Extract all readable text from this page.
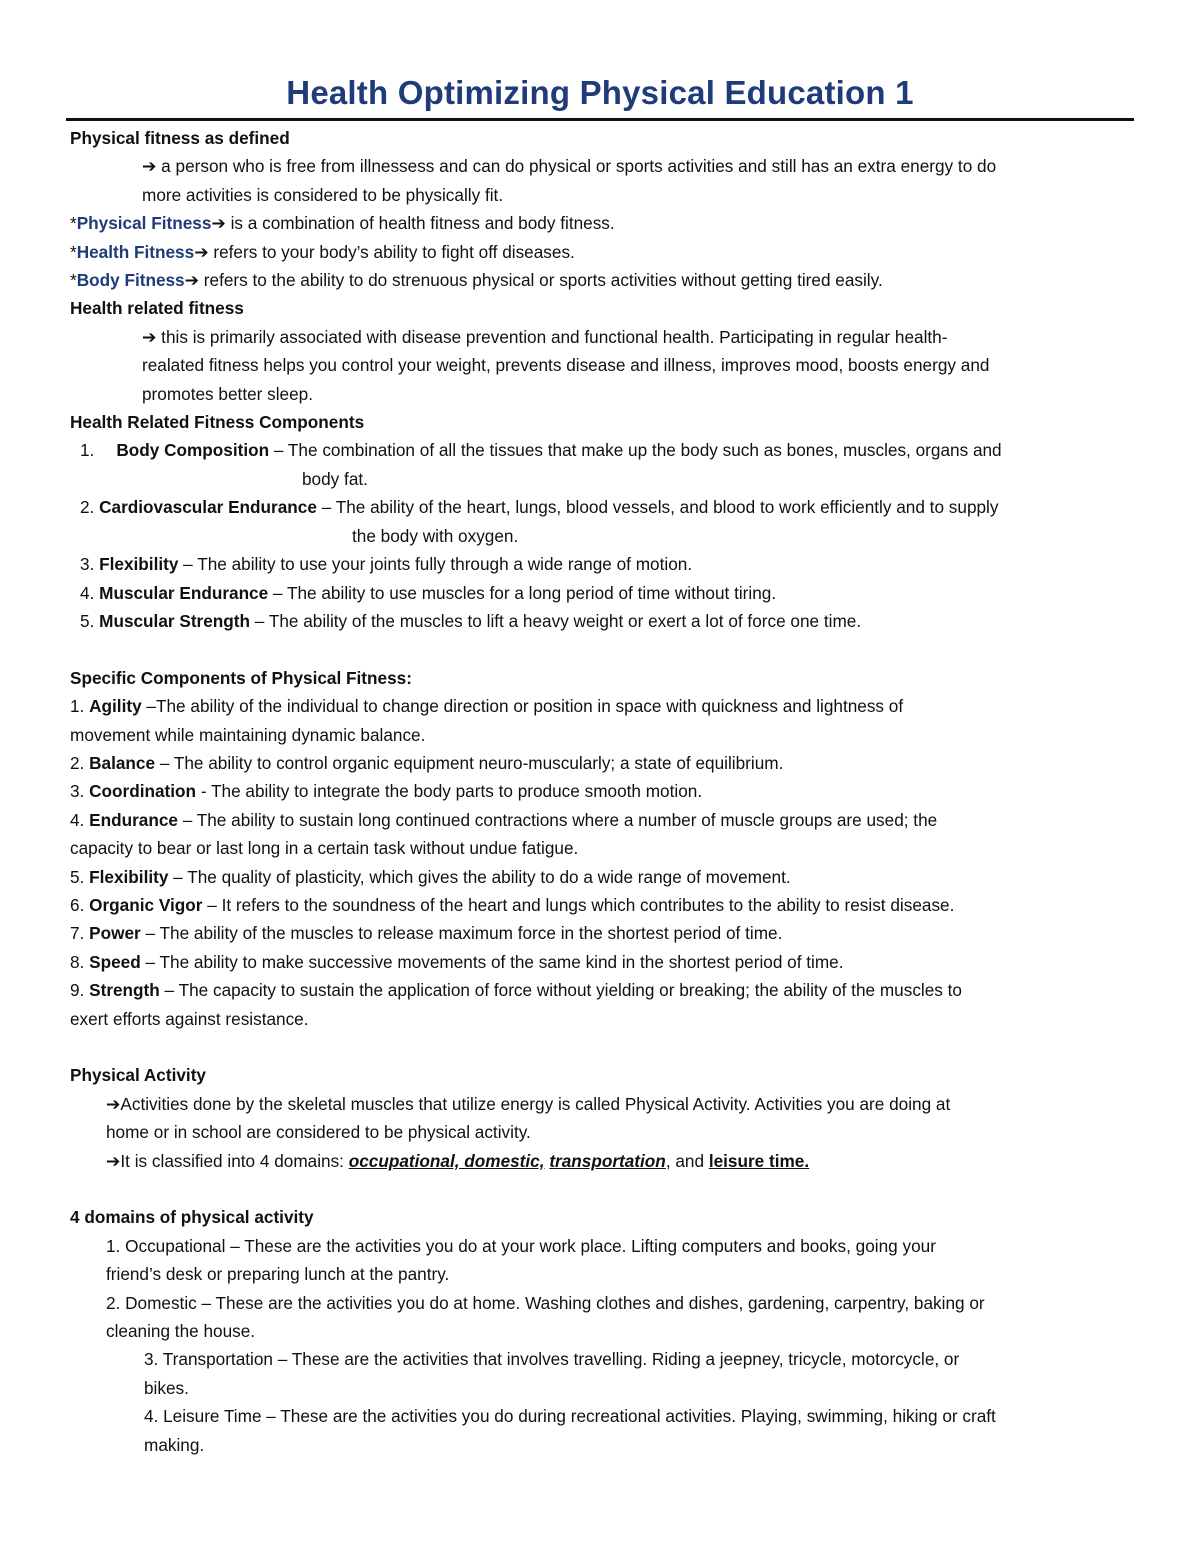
Health Optimizing Physical Education 1

Physical fitness as defined

➔ a person who is free from illnessess and can do physical or sports activities and still has an extra energy to do

more activities is considered to be physically fit.

*Physical Fitness➔ is a combination of health fitness and body fitness.

*Health Fitness➔ refers to your body’s ability to fight off diseases.

*Body Fitness➔ refers to the ability to do strenuous physical or sports activities without getting tired easily.

Health related fitness

➔ this is primarily associated with disease prevention and functional health. Participating in regular health-

realated fitness helps you control your weight, prevents disease and illness, improves mood, boosts energy and

promotes better sleep.

Health Related Fitness Components

1. Body Composition – The combination of all the tissues that make up the body such as bones, muscles, organs and

body fat.

2. Cardiovascular Endurance – The ability of the heart, lungs, blood vessels, and blood to work efficiently and to supply

the body with oxygen.

3. Flexibility – The ability to use your joints fully through a wide range of motion.

4. Muscular Endurance – The ability to use muscles for a long period of time without tiring.

5. Muscular Strength – The ability of the muscles to lift a heavy weight or exert a lot of force one time.

Specific Components of Physical Fitness:

1. Agility –The ability of the individual to change direction or position in space with quickness and lightness of

movement while maintaining dynamic balance.

2. Balance – The ability to control organic equipment neuro-muscularly; a state of equilibrium.

3. Coordination - The ability to integrate the body parts to produce smooth motion.

4. Endurance – The ability to sustain long continued contractions where a number of muscle groups are used; the

capacity to bear or last long in a certain task without undue fatigue.

5. Flexibility – The quality of plasticity, which gives the ability to do a wide range of movement.

6. Organic Vigor – It refers to the soundness of the heart and lungs which contributes to the ability to resist disease.

7. Power – The ability of the muscles to release maximum force in the shortest period of time.

8. Speed – The ability to make successive movements of the same kind in the shortest period of time.

9. Strength – The capacity to sustain the application of force without yielding or breaking; the ability of the muscles to

exert efforts against resistance.

Physical Activity

➔Activities done by the skeletal muscles that utilize energy is called Physical Activity. Activities you are doing at

home or in school are considered to be physical activity.

➔It is classified into 4 domains: occupational, domestic, transportation, and leisure time.

4 domains of physical activity

1. Occupational – These are the activities you do at your work place. Lifting computers and books, going your

friend’s desk or preparing lunch at the pantry.

2. Domestic – These are the activities you do at home. Washing clothes and dishes, gardening, carpentry, baking or

cleaning the house.

3. Transportation – These are the activities that involves travelling. Riding a jeepney, tricycle, motorcycle, or

bikes.

4. Leisure Time – These are the activities you do during recreational activities. Playing, swimming, hiking or craft

making.
